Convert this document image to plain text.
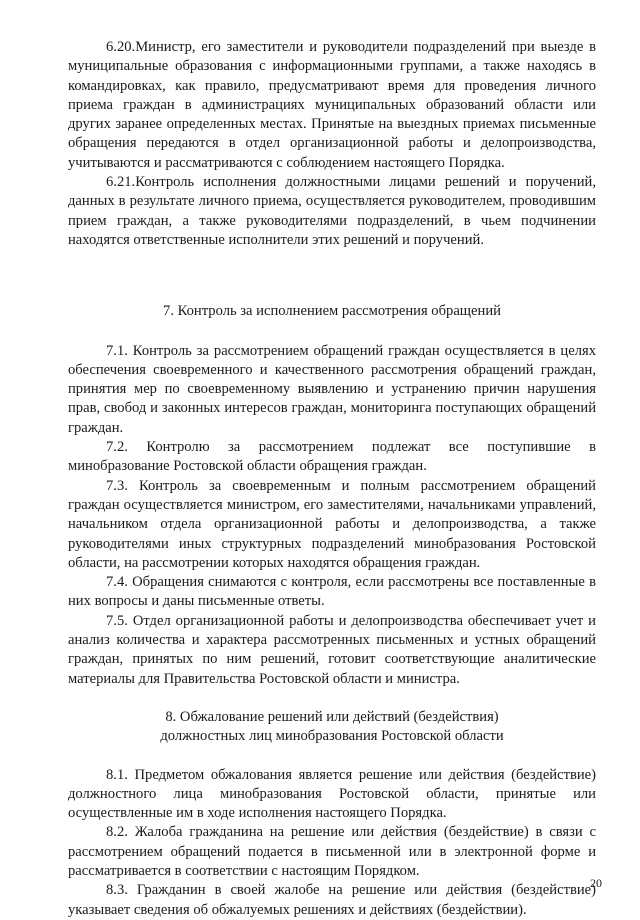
6.20.Министр, его заместители и руководители подразделений при выезде в муниципальные образования с информационными группами, а также находясь в командировках, как правило, предусматривают время для проведения личного приема граждан в администрациях муниципальных образований области или других заранее определенных местах. Принятые на выездных приемах письменные обращения передаются в отдел организационной работы и делопроизводства, учитываются и рассматриваются с соблюдением настоящего Порядка.

6.21.Контроль исполнения должностными лицами решений и поручений, данных в результате личного приема, осуществляется руководителем, проводившим прием граждан, а также руководителями подразделений, в чьем подчинении находятся ответственные исполнители этих решений и поручений.

7. Контроль за исполнением рассмотрения обращений

7.1. Контроль за рассмотрением обращений граждан осуществляется в целях обеспечения своевременного и качественного рассмотрения обращений граждан, принятия мер по своевременному выявлению и устранению причин нарушения прав, свобод и законных интересов граждан, мониторинга поступающих обращений граждан.

7.2. Контролю за рассмотрением подлежат все поступившие в минобразование Ростовской области обращения граждан.

7.3. Контроль за своевременным и полным рассмотрением обращений граждан осуществляется министром, его заместителями, начальниками управлений, начальником отдела организационной работы и делопроизводства, а также руководителями иных структурных подразделений минобразования Ростовской области, на рассмотрении которых находятся обращения граждан.

7.4. Обращения снимаются с контроля, если рассмотрены все поставленные в них вопросы и даны письменные ответы.

7.5. Отдел организационной работы и делопроизводства обеспечивает учет и анализ количества и характера рассмотренных письменных и устных обращений граждан, принятых по ним решений, готовит соответствующие аналитические материалы для Правительства Ростовской области и министра.

8. Обжалование решений или действий (бездействия)

должностных лиц минобразования Ростовской области

8.1. Предметом обжалования является решение или действия (бездействие) должностного лица минобразования Ростовской области, принятые или осуществленные им в ходе исполнения настоящего Порядка.

8.2. Жалоба гражданина на решение или действия (бездействие) в связи с рассмотрением обращений подается в письменной или в электронной форме и рассматривается в соответствии с настоящим Порядком.

8.3. Гражданин в своей жалобе на решение или действия (бездействие) указывает сведения об обжалуемых решениях и действиях (бездействии).

20
